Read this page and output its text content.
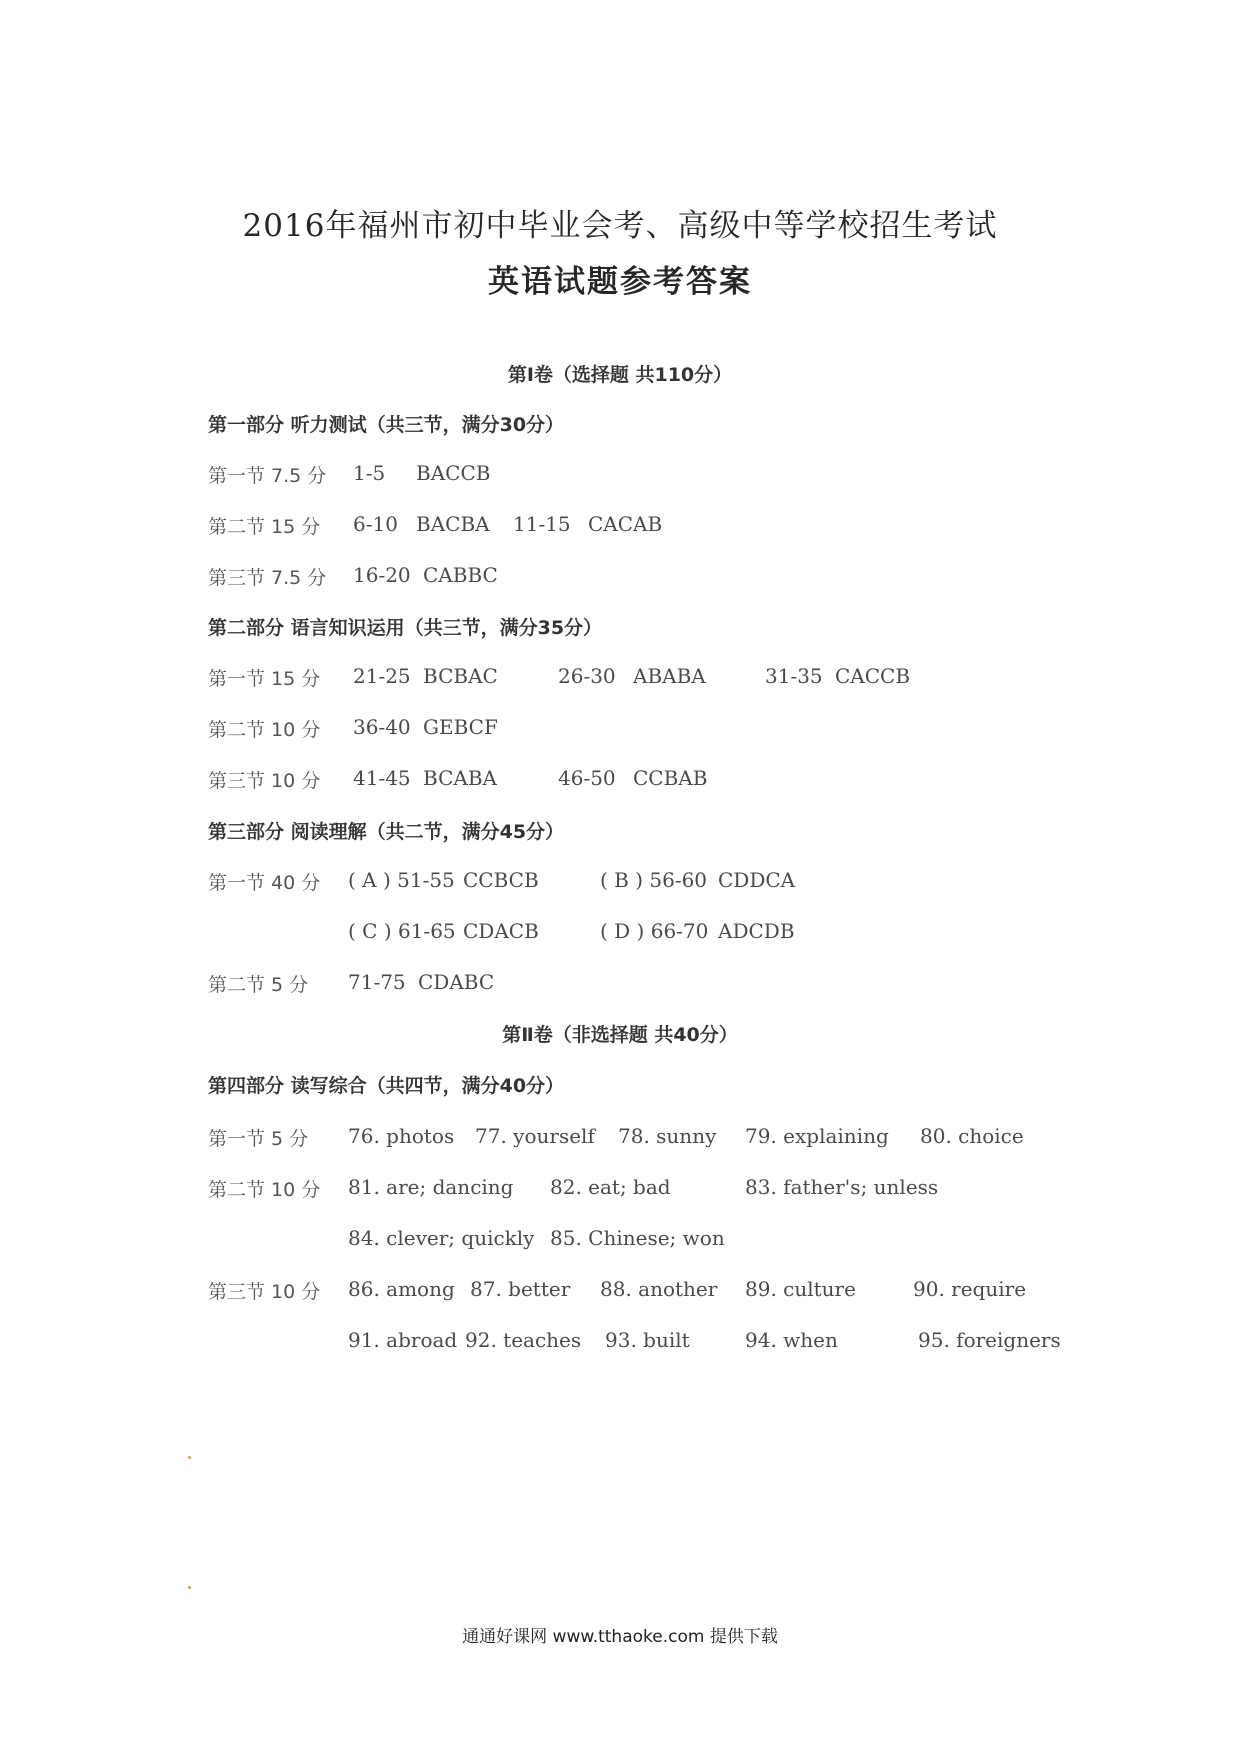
2016年福州市初中毕业会考、高级中等学校招生考试
英语试题参考答案
第Ⅰ卷（选择题 共110分）
第一部分 听力测试（共三节，满分30分）
第一节 7.5 分 1-5 BACCB
第二节 15 分 6-10 BACBA 11-15 CACAB
第三节 7.5 分 16-20 CABBC
第二部分 语言知识运用（共三节，满分35分）
第一节 15 分 21-25 BCBAC	26-30 ABABA	31-35 CACCB
第二节 10 分 36-40 GEBCF
第三节 10 分 41-45 BCABA	46-50 CCBAB
第三部分 阅读理解（共二节，满分45分）
第一节 40 分 ( A ) 51-55 CCBCB	( B ) 56-60 CDDCA
( C ) 61-65 CDACB	( D ) 66-70 ADCDB
第二节 5 分 71-75 CDABC
第Ⅱ卷（非选择题 共40分）
第四部分 读写综合（共四节，满分40分）
第一节 5 分 76. photos 77. yourself 78. sunny 79. explaining 80. choice
第二节 10 分 81. are; dancing 82. eat; bad	83. father's; unless
84. clever; quickly 85. Chinese; won
第三节 10 分 86. among 87. better 88. another 89. culture	90. require
91. abroad 92. teaches 93. built	94. when	95. foreigners
通通好课网 www.tthaoke.com 提供下载
